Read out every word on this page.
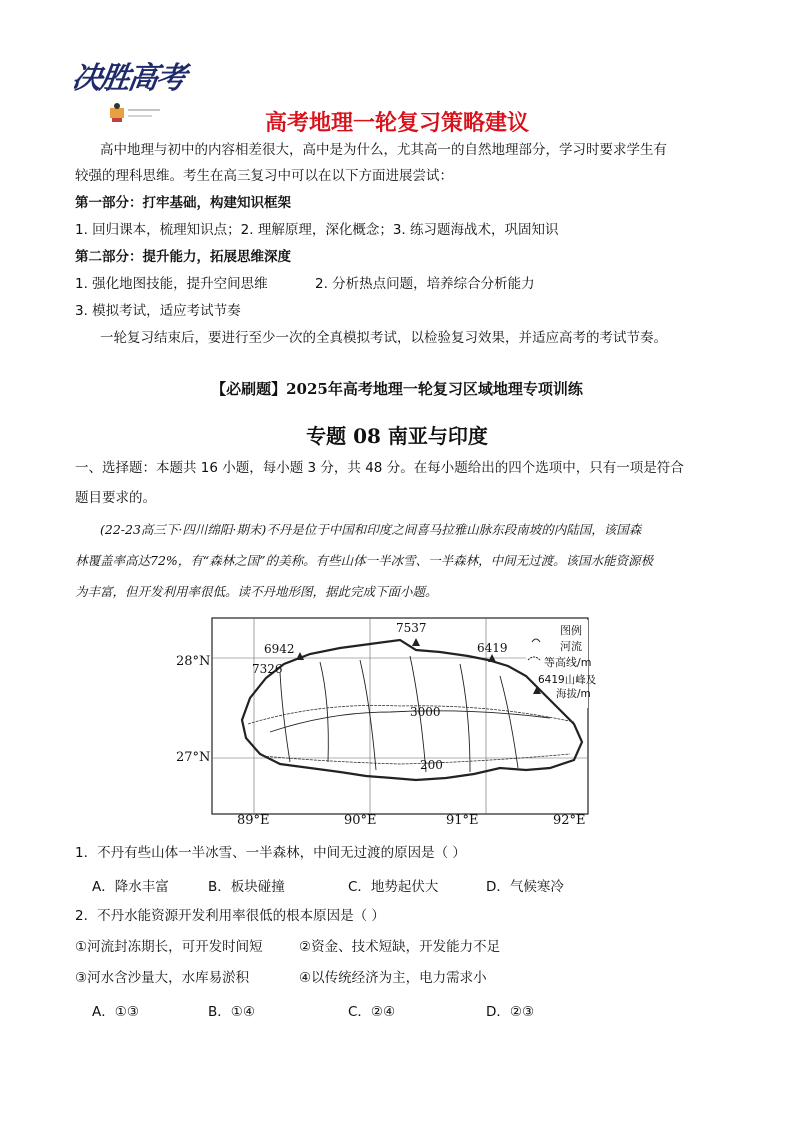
决胜高考
高考地理一轮复习策略建议
高中地理与初中的内容相差很大，高中是为什么，尤其高一的自然地理部分，学习时要求学生有
较强的理科思维。考生在高三复习中可以在以下方面进展尝试：
第一部分：打牢基础，构建知识框架
1. 回归课本，梳理知识点；2. 理解原理，深化概念；3. 练习题海战术，巩固知识
第二部分：提升能力，拓展思维深度
1. 强化地图技能，提升空间思维	2. 分析热点问题，培养综合分析能力
3. 模拟考试，适应考试节奏
一轮复习结束后，要进行至少一次的全真模拟考试，以检验复习效果，并适应高考的考试节奏。
【必刷题】2025年高考地理一轮复习区域地理专项训练
专题 08 南亚与印度
一、选择题：本题共 16 小题，每小题 3 分，共 48 分。在每小题给出的四个选项中，只有一项是符合
题目要求的。
(22-23高三下·四川绵阳·期末)不丹是位于中国和印度之间喜马拉雅山脉东段南坡的内陆国，该国森
林覆盖率高达72%，有“森林之国”的美称。有些山体一半冰雪、一半森林，中间无过渡。该国水能资源极
为丰富，但开发利用率很低。读不丹地形图，据此完成下面小题。
28°N
27°N
89°E	90°E	91°E	92°E
7537
6942	6419
7326
3000
200
图例
河流
等高线/m
6419山峰及
海拔/m
1．不丹有些山体一半冰雪、一半森林，中间无过渡的原因是（ ）
A．降水丰富	B．板块碰撞	C．地势起伏大	D．气候寒冷
2．不丹水能资源开发利用率很低的根本原因是（ ）
①河流封冻期长，可开发时间短	②资金、技术短缺，开发能力不足
③河水含沙量大，水库易淤积	④以传统经济为主，电力需求小
A．①③	B．①④	C．②④	D．②③
